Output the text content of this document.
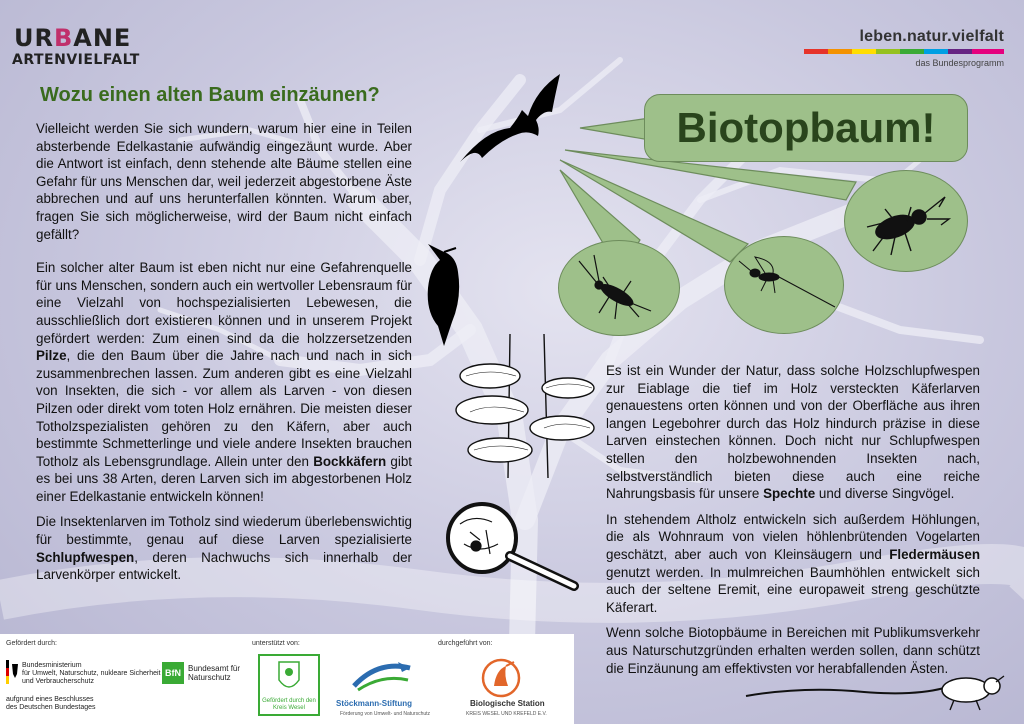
URBANE
ARTENVIELFALT
leben.natur.vielfalt
das Bundesprogramm
Wozu einen alten Baum einzäunen?

Vielleicht werden Sie sich wundern, warum hier eine in Teilen absterbende Edelkastanie aufwändig eingezäunt wurde. Aber die Antwort ist einfach, denn stehende alte Bäume stellen eine Gefahr für uns Menschen dar, weil jederzeit abgestorbene Äste abbrechen und auf uns herunterfallen könnten. Warum aber, fragen Sie sich möglicherweise, wird der Baum nicht einfach gefällt?

Ein solcher alter Baum ist eben nicht nur eine Gefahrenquelle für uns Menschen, sondern auch ein wertvoller Lebensraum für eine Vielzahl von hochspezialisierten Lebewesen, die ausschließlich dort existieren können und in unserem Projekt gefördert werden: Zum einen sind da die holzzersetzenden Pilze, die den Baum über die Jahre nach und nach in sich zusammenbrechen lassen. Zum anderen gibt es eine Vielzahl von Insekten, die sich - vor allem als Larven - von diesen Pilzen oder direkt vom toten Holz ernähren. Die meisten dieser Totholzspezialisten gehören zu den Käfern, aber auch bestimmte Schmetterlinge und viele andere Insekten brauchen Totholz als Lebensgrundlage. Allein unter den Bockkäfern gibt es bei uns 38 Arten, deren Larven sich im abgestorbenen Holz einer Edelkastanie entwickeln können!

Die Insektenlarven im Totholz sind wiederum überlebenswichtig für bestimmte, genau auf diese Larven spezialisierte Schlupfwespen, deren Nachwuchs sich innerhalb der Larvenkörper entwickelt.

Biotopbaum!

Es ist ein Wunder der Natur, dass solche Holzschlupfwespen zur Eiablage die tief im Holz versteckten Käferlarven genauestens orten können und von der Oberfläche aus ihren langen Legebohrer durch das Holz hindurch präzise in diese Larven einstechen können. Doch nicht nur Schlupfwespen stellen den holzbewohnenden Insekten nach, selbstverständlich bieten diese auch eine reiche Nahrungsbasis für unsere Spechte und diverse Singvögel.

In stehendem Altholz entwickeln sich außerdem Höhlungen, die als Wohnraum von vielen höhlenbrütenden Vogelarten geschätzt, aber auch von Kleinsäugern und Fledermäusen genutzt werden. In mulmreichen Baumhöhlen entwickelt sich auch der seltene Eremit, eine europaweit streng geschützte Käferart.

Wenn solche Biotopbäume in Bereichen mit Publikumsverkehr aus Naturschutzgründen erhalten werden sollen, dann schützt die Einzäunung am effektivsten vor herabfallenden Ästen.

Gefördert durch:	unterstützt von:	durchgeführt von:
Bundesministerium
für Umwelt, Naturschutz, nukleare Sicherheit
und Verbraucherschutz
aufgrund eines Beschlusses
des Deutschen Bundestages
BfN Bundesamt für
Naturschutz
Gefördert durch den
Kreis Wesel	Stöckmann-Stiftung
Förderung von Umwelt- und Naturschutz
Biologische Station
KREIS WESEL UND KREFELD E.V.
